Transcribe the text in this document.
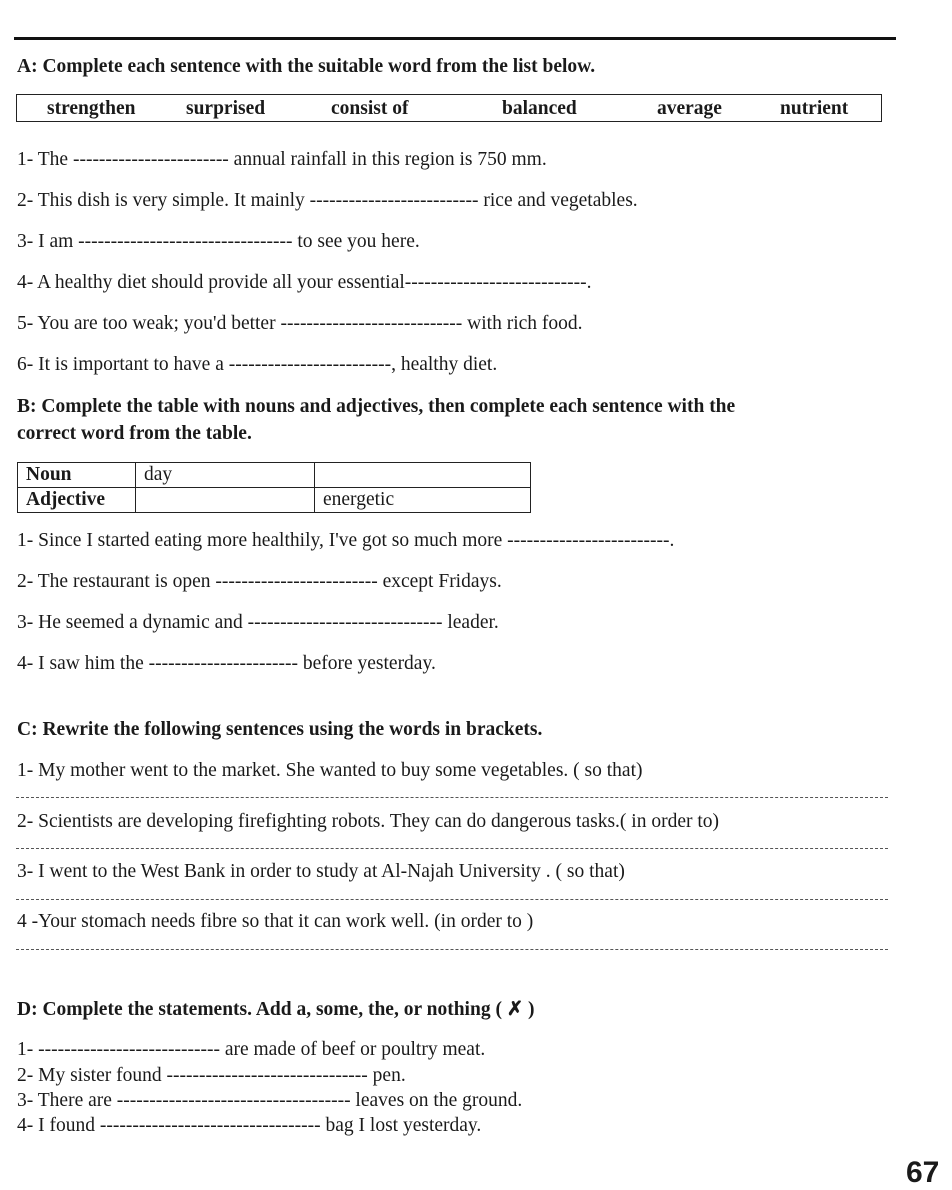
A: Complete each sentence with the suitable word from the list below.
strengthen	surprised	consist of	balanced	average	nutrient
1- The ------------------------ annual rainfall in this region is 750 mm.
2- This dish is very simple. It mainly -------------------------- rice and vegetables.
3- I am --------------------------------- to see you here.
4- A healthy diet should provide all your essential----------------------------.
5- You are too weak; you'd better ---------------------------- with rich food.
6- It is important to have a -------------------------, healthy diet.
B: Complete the table with nouns and adjectives, then complete each sentence with the
correct word from the table.
Noun	day	
Adjective		energetic
1- Since I started eating more healthily, I've got so much more -------------------------.
2- The restaurant is open ------------------------- except Fridays.
3- He seemed a dynamic and ------------------------------ leader.
4- I saw him the ----------------------- before yesterday.
C: Rewrite the following sentences using the words in brackets.
1- My mother went to the market. She wanted to buy some vegetables. ( so that)
2- Scientists are developing firefighting robots. They can do dangerous tasks.( in order to)
3- I went to the West Bank in order to study at Al-Najah University . ( so that)
4 -Your stomach needs fibre so that it can work well. (in order to )
D: Complete the statements. Add a, some, the, or nothing ( ✗ )
1- ---------------------------- are made of beef or poultry meat.
2- My sister found ------------------------------- pen.
3- There are ------------------------------------ leaves on the ground.
4- I found ---------------------------------- bag I lost yesterday.
67
